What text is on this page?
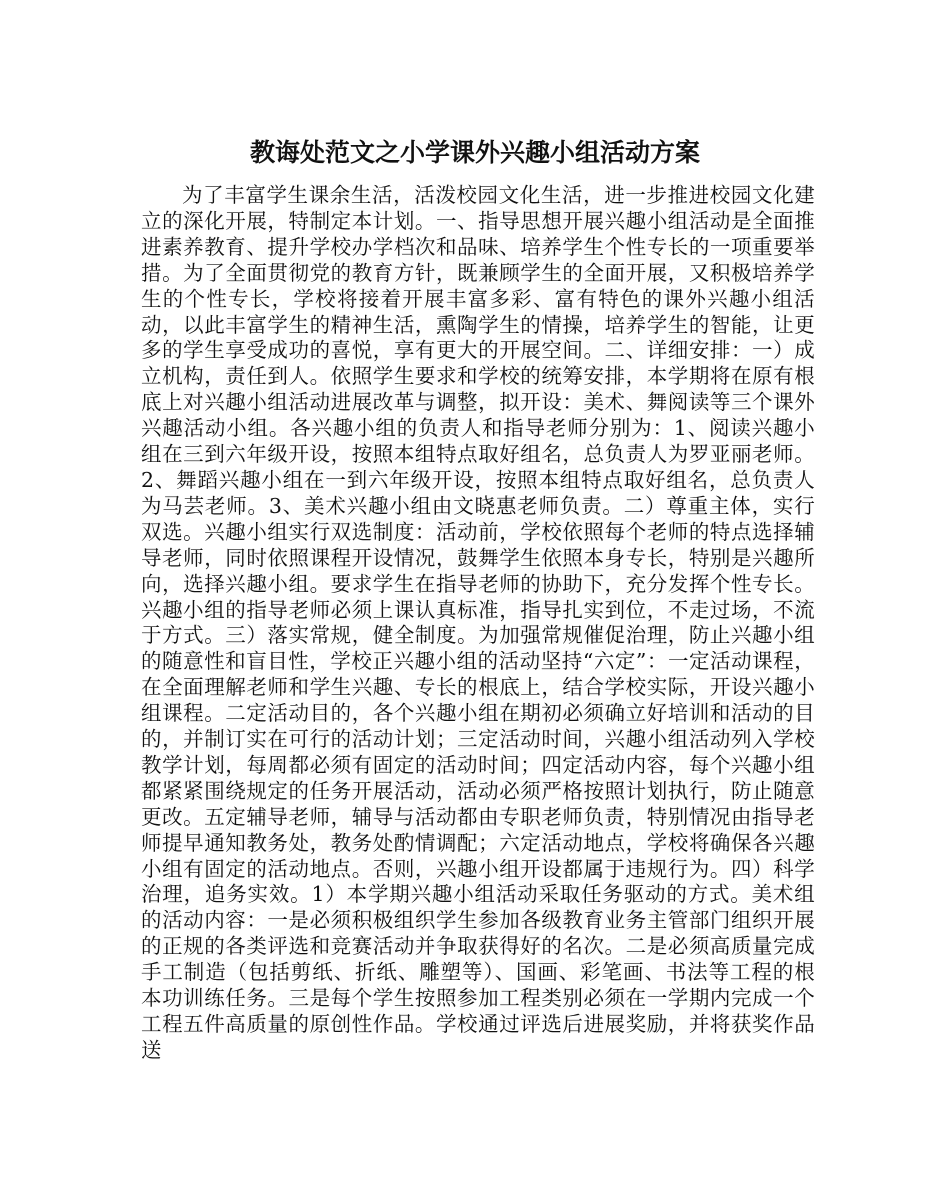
教诲处范文之小学课外兴趣小组活动方案

为了丰富学生课余生活，活泼校园文化生活，进一步推进校园文化建立的深化开展，特制定本计划。一、指导思想开展兴趣小组活动是全面推进素养教育、提升学校办学档次和品味、培养学生个性专长的一项重要举措。为了全面贯彻党的教育方针，既兼顾学生的全面开展，又积极培养学生的个性专长，学校将接着开展丰富多彩、富有特色的课外兴趣小组活动，以此丰富学生的精神生活，熏陶学生的情操，培养学生的智能，让更多的学生享受成功的喜悦，享有更大的开展空间。二、详细安排：一）成立机构，责任到人。依照学生要求和学校的统筹安排，本学期将在原有根底上对兴趣小组活动进展改革与调整，拟开设：美术、舞阅读等三个课外兴趣活动小组。各兴趣小组的负责人和指导老师分别为：1、阅读兴趣小组在三到六年级开设，按照本组特点取好组名，总负责人为罗亚丽老师。2、舞蹈兴趣小组在一到六年级开设，按照本组特点取好组名，总负责人为马芸老师。3、美术兴趣小组由文晓惠老师负责。二）尊重主体，实行双选。兴趣小组实行双选制度：活动前，学校依照每个老师的特点选择辅导老师，同时依照课程开设情况，鼓舞学生依照本身专长，特别是兴趣所向，选择兴趣小组。要求学生在指导老师的协助下，充分发挥个性专长。兴趣小组的指导老师必须上课认真标准，指导扎实到位，不走过场，不流于方式。三）落实常规，健全制度。为加强常规催促治理，防止兴趣小组的随意性和盲目性，学校正兴趣小组的活动坚持“六定”：一定活动课程，在全面理解老师和学生兴趣、专长的根底上，结合学校实际，开设兴趣小组课程。二定活动目的，各个兴趣小组在期初必须确立好培训和活动的目的，并制订实在可行的活动计划；三定活动时间，兴趣小组活动列入学校教学计划，每周都必须有固定的活动时间；四定活动内容，每个兴趣小组都紧紧围绕规定的任务开展活动，活动必须严格按照计划执行，防止随意更改。五定辅导老师，辅导与活动都由专职老师负责，特别情况由指导老师提早通知教务处，教务处酌情调配；六定活动地点，学校将确保各兴趣小组有固定的活动地点。否则，兴趣小组开设都属于违规行为。四）科学治理，追务实效。1）本学期兴趣小组活动采取任务驱动的方式。美术组的活动内容：一是必须积极组织学生参加各级教育业务主管部门组织开展的正规的各类评选和竞赛活动并争取获得好的名次。二是必须高质量完成手工制造（包括剪纸、折纸、雕塑等）、国画、彩笔画、书法等工程的根本功训练任务。三是每个学生按照参加工程类别必须在一学期内完成一个工程五件高质量的原创性作品。学校通过评选后进展奖励，并将获奖作品送
